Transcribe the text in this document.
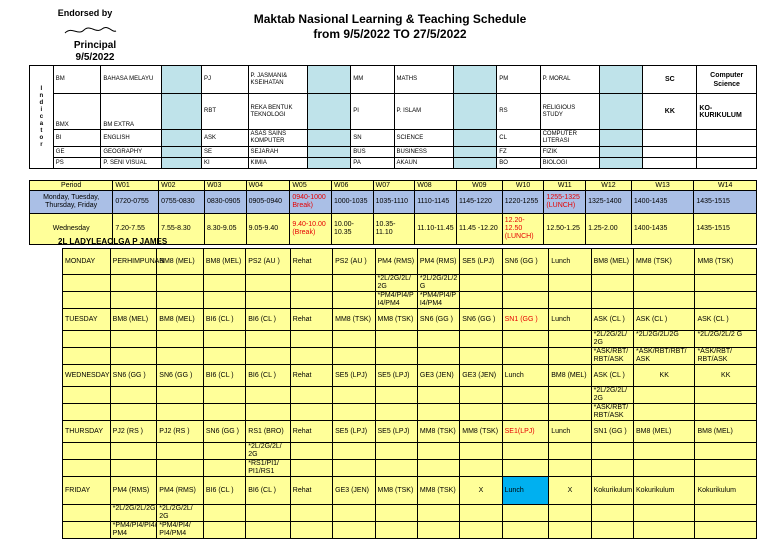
Endorsed by
Principal
9/5/2022
Maktab Nasional Learning & Teaching Schedule
from 9/5/2022 TO 27/5/2022
I n d i c a t o r	BM	BAHASA MELAYU		PJ	P. JASMANI& KSEIHATAN		MM	MATHS		PM	P. MORAL		SC	Computer Science
	BMX	BM EXTRA		RBT	REKA BENTUK TEKNOLOGI		PI	P. ISLAM		RS	RELIGIOUS STUDY		KK	KO-KURIKULUM
	BI	ENGLISH		ASK	ASAS SAINS KOMPUTER		SN	SCIENCE		CL	COMPUTER LITERASI			
	GE	GEOGRAPHY		SE	SEJARAH		BUS	BUSINESS		FZ	FIZIK			
	PS	P. SENI VISUAL		KI	KIMIA		PA	AKAUN		BO	BIOLOGI			
Period	W01	W02	W03	W04	W05	W06	W07	W08	W09	W10	W11	W12	W13	W14
Monday, Tuesday, Thursday, Friday	0720-0755	0755-0830	0830-0905	0905-0940	0940-1000 Break)	1000-1035	1035-1110	1110-1145	1145-1220	1220-1255	1255-1325 (LUNCH)	1325-1400	1400-1435	1435-1515
Wednesday	7.20-7.55	7.55-8.30	8.30-9.05	9.05-9.40	9.40-10.00 (Break)	10.00-10.35	10.35-11.10	11.10-11.45	11.45 -12.20	12.20-12.50 (LUNCH)	12.50-1.25	1.25-2.00	1400-1435	1435-1515
2L LADYLEAOLGA P JAMES
MONDAY	PERHIMPUNAN	BM8 (MEL)	BM8 (MEL)	PS2 (AU )	Rehat	PS2 (AU )	PM4 (RMS)	PM4 (RMS)	SE5 (LPJ)	SN6 (GG )	Lunch	BM8 (MEL)	MM8 (TSK)	MM8 (TSK)
							*2L/2G/2L/ 2G	*2L/2G/2L/2 G						
							*PM4/PI4/P I4/PM4	*PM4/PI4/P I4/PM4						
TUESDAY	BM8 (MEL)	BM8 (MEL)	BI6 (CL )	BI6 (CL )	Rehat	MM8 (TSK)	MM8 (TSK)	SN6 (GG )	SN6 (GG )	SN1 (GG )	Lunch	ASK (CL )	ASK (CL )	ASK (CL )
												*2L/2G/2L/ 2G	*2L/2G/2L/2G	*2L/2G/2L/2 G
												*ASK/RBT/ RBT/ASK	*ASK/RBT/RBT/ ASK	*ASK/RBT/ RBT/ASK
WEDNESDAY	SN6 (GG )	SN6 (GG )	BI6 (CL )	BI6 (CL )	Rehat	SE5 (LPJ)	SE5 (LPJ)	GE3 (JEN)	GE3 (JEN)	Lunch	BM8 (MEL)	ASK (CL )	KK	KK
												*2L/2G/2L/ 2G		
												*ASK/RBT/ RBT/ASK		
THURSDAY	PJ2 (RS )	PJ2 (RS )	SN6 (GG )	RS1 (BRO)	Rehat	SE5 (LPJ)	SE5 (LPJ)	MM8 (TSK)	MM8 (TSK)	SE1(LPJ)	Lunch	SN1 (GG )	BM8 (MEL)	BM8 (MEL)
				*2L/2G/2L/ 2G										
				*RS1/PI1/ PI1/RS1										
FRIDAY	PM4 (RMS)	PM4 (RMS)	BI6 (CL )	BI6 (CL )	Rehat	GE3 (JEN)	MM8 (TSK)	MM8 (TSK)	X	Lunch	X	Kokurikulum	Kokurikulum	Kokurikulum
	*2L/2G/2L/2G	*2L/2G/2L/ 2G												
	*PM4/PI4/PI4/ PM4	*PM4/PI4/ PI4/PM4												
